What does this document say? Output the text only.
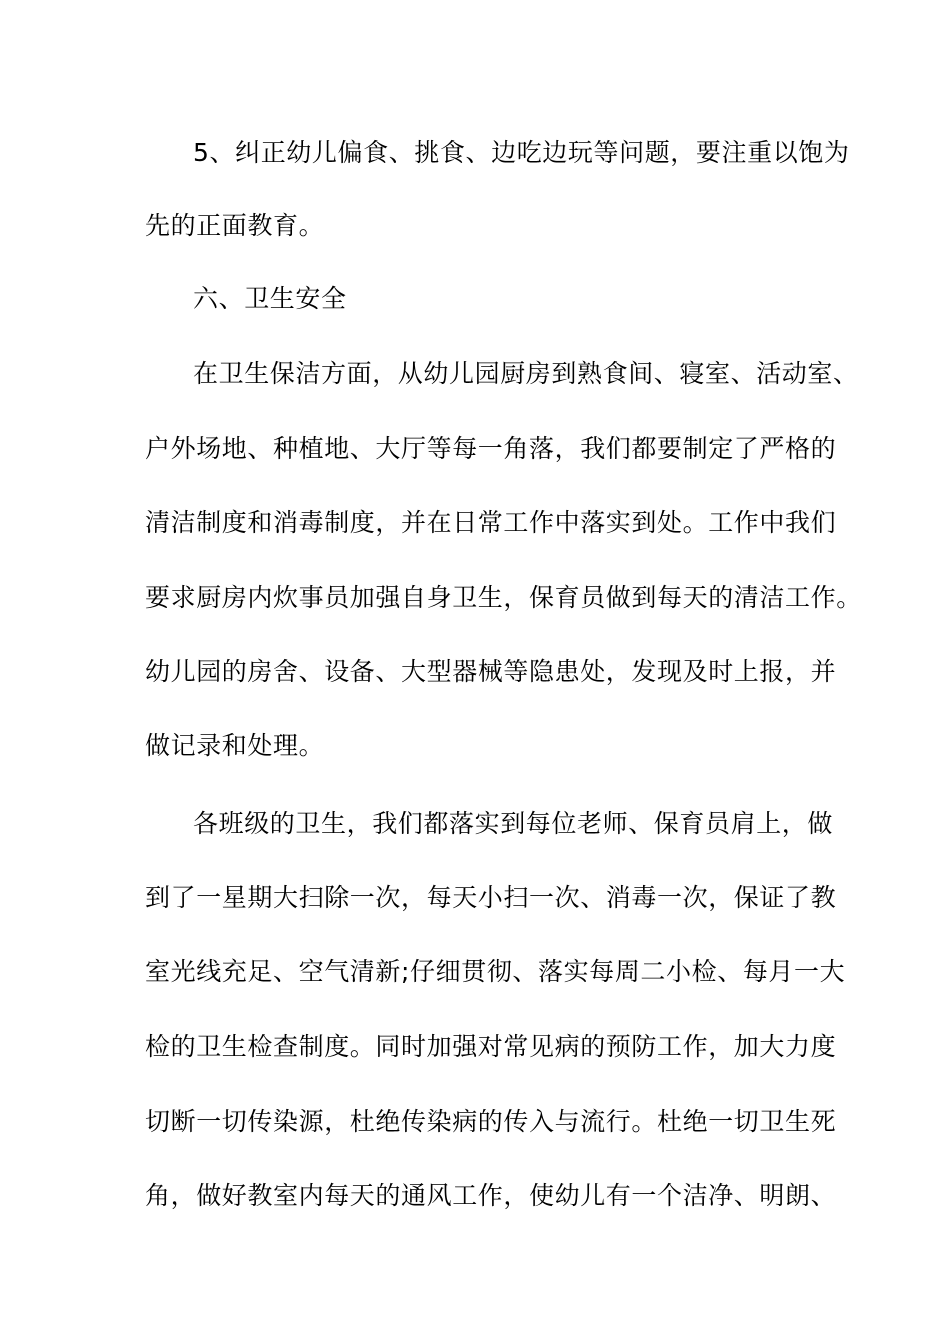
5、纠正幼儿偏食、挑食、边吃边玩等问题，要注重以饱为
先的正面教育。
六、卫生安全
在卫生保洁方面，从幼儿园厨房到熟食间、寝室、活动室、
户外场地、种植地、大厅等每一角落，我们都要制定了严格的
清洁制度和消毒制度，并在日常工作中落实到处。工作中我们
要求厨房内炊事员加强自身卫生，保育员做到每天的清洁工作。
幼儿园的房舍、设备、大型器械等隐患处，发现及时上报，并
做记录和处理。
各班级的卫生，我们都落实到每位老师、保育员肩上，做
到了一星期大扫除一次，每天小扫一次、消毒一次，保证了教
室光线充足、空气清新;仔细贯彻、落实每周二小检、每月一大
检的卫生检查制度。同时加强对常见病的预防工作，加大力度
切断一切传染源，杜绝传染病的传入与流行。杜绝一切卫生死
角，做好教室内每天的通风工作，使幼儿有一个洁净、明朗、
